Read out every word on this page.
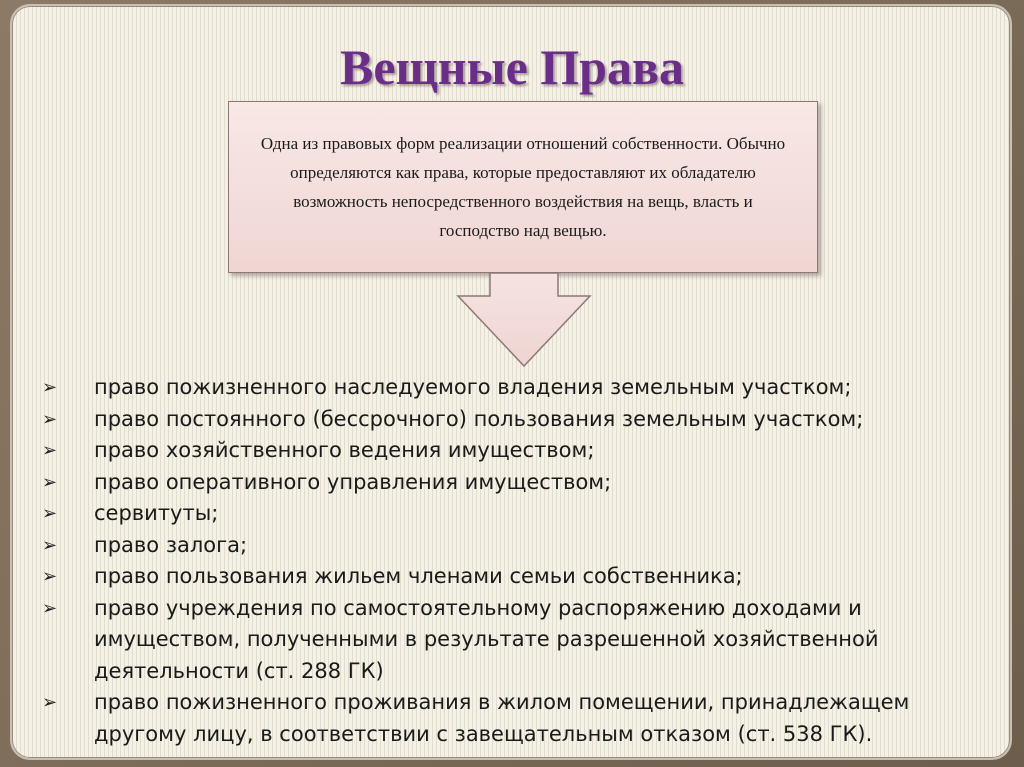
Вещные Права

Одна из правовых форм реализации отношений собственности. Обычно определяются как права, которые предоставляют их обладателю возможность непосредственного воздействия на вещь, власть и господство над вещью.

➢	право пожизненного наследуемого владения земельным участком;
➢	право постоянного (бессрочного) пользования земельным участком;
➢	право хозяйственного ведения имуществом;
➢	право оперативного управления имуществом;
➢	сервитуты;
➢	право залога;
➢	право пользования жильем членами семьи собственника;
➢	право учреждения по самостоятельному распоряжению доходами и имуществом, полученными в результате разрешенной хозяйственной деятельности (ст. 288 ГК)
➢	право пожизненного проживания в жилом помещении, принадлежащем другому лицу, в соответствии с завещательным отказом (ст. 538 ГК).
